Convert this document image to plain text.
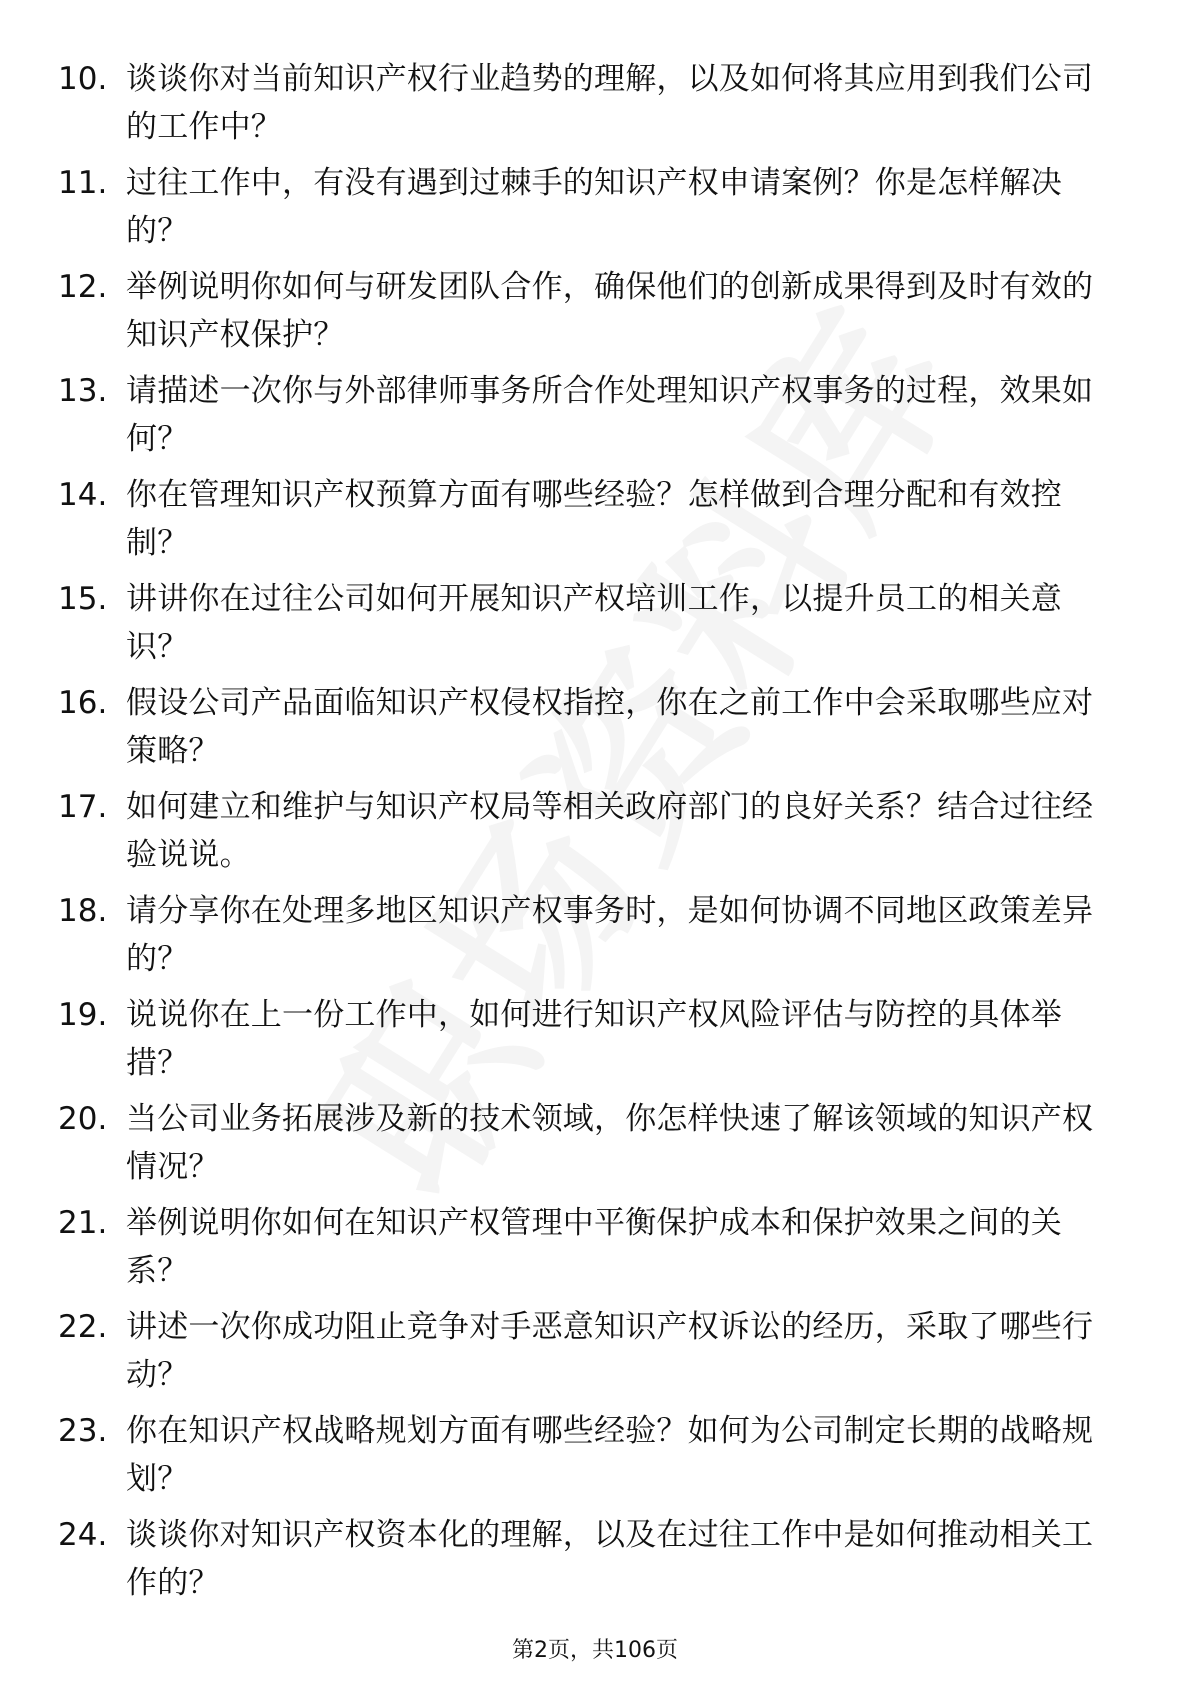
10. 谈谈你对当前知识产权行业趋势的理解，以及如何将其应用到我们公司的工作中？
11. 过往工作中，有没有遇到过棘手的知识产权申请案例？你是怎样解决的？
12. 举例说明你如何与研发团队合作，确保他们的创新成果得到及时有效的知识产权保护？
13. 请描述一次你与外部律师事务所合作处理知识产权事务的过程，效果如何？
14. 你在管理知识产权预算方面有哪些经验？怎样做到合理分配和有效控制？
15. 讲讲你在过往公司如何开展知识产权培训工作，以提升员工的相关意识？
16. 假设公司产品面临知识产权侵权指控，你在之前工作中会采取哪些应对策略？
17. 如何建立和维护与知识产权局等相关政府部门的良好关系？结合过往经验说说。
18. 请分享你在处理多地区知识产权事务时，是如何协调不同地区政策差异的？
19. 说说你在上一份工作中，如何进行知识产权风险评估与防控的具体举措？
20. 当公司业务拓展涉及新的技术领域，你怎样快速了解该领域的知识产权情况？
21. 举例说明你如何在知识产权管理中平衡保护成本和保护效果之间的关系？
22. 讲述一次你成功阻止竞争对手恶意知识产权诉讼的经历，采取了哪些行动？
23. 你在知识产权战略规划方面有哪些经验？如何为公司制定长期的战略规划？
24. 谈谈你对知识产权资本化的理解，以及在过往工作中是如何推动相关工作的？
第2页，共106页
